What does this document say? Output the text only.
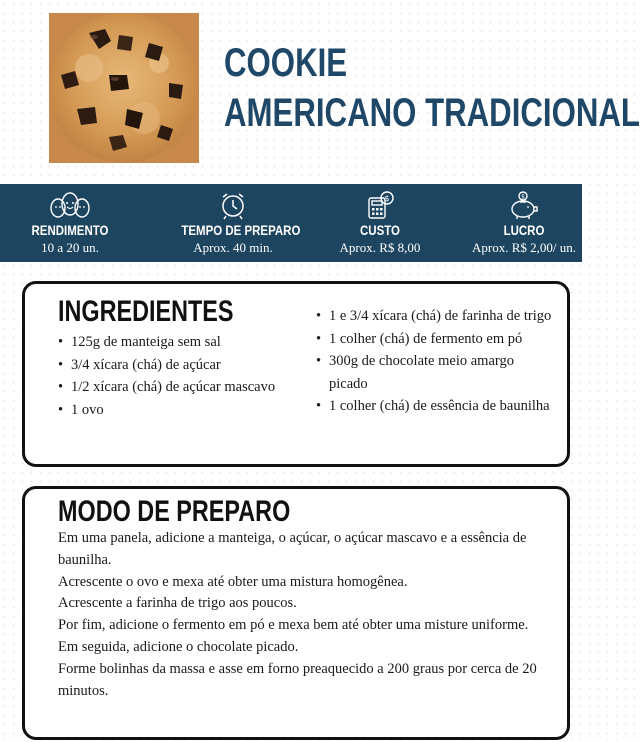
COOKIE
AMERICANO TRADICIONAL
RENDIMENTO
10 a 20 un.
TEMPO DE PREPARO
Aprox. 40 min.
$
CUSTO
Aprox. R$ 8,00
$
LUCRO
Aprox. R$ 2,00/ un.
INGREDIENTES
• 125g de manteiga sem sal
• 3/4 xícara (chá) de açúcar
• 1/2 xícara (chá) de açúcar mascavo
• 1 ovo
• 1 e 3/4 xícara (chá) de farinha de trigo
• 1 colher (chá) de fermento em pó
• 300g de chocolate meio amargo picado
• 1 colher (chá) de essência de baunilha
MODO DE PREPARO

Em uma panela, adicione a manteiga, o açúcar, o açúcar mascavo e a essência de baunilha.

Acrescente o ovo e mexa até obter uma mistura homogênea.

Acrescente a farinha de trigo aos poucos.

Por fim, adicione o fermento em pó e mexa bem até obter uma misture uniforme.

Em seguida, adicione o chocolate picado.

Forme bolinhas da massa e asse em forno preaquecido a 200 graus por cerca de 20 minutos.
